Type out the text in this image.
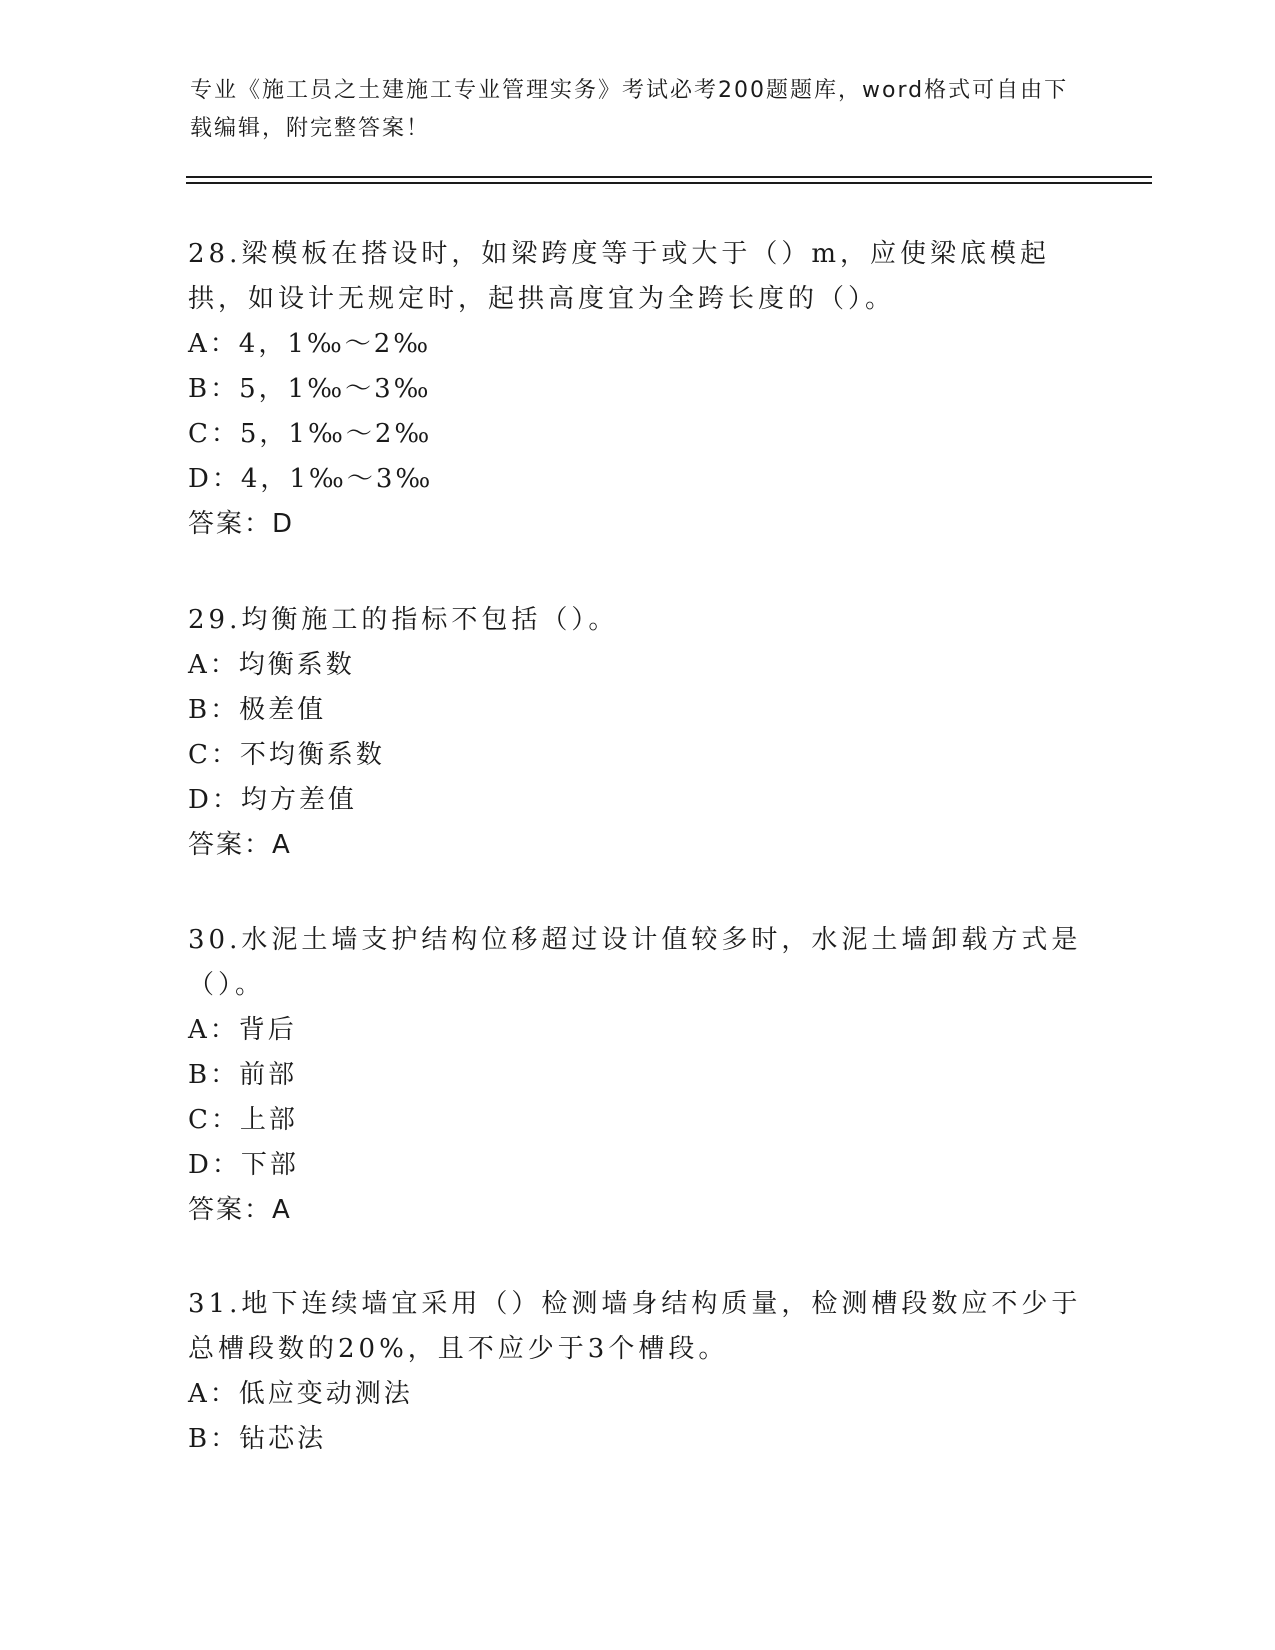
专业《施工员之土建施工专业管理实务》考试必考200题题库，word格式可自由下载编辑，附完整答案！

28.梁模板在搭设时，如梁跨度等于或大于（）m，应使梁底模起拱，如设计无规定时，起拱高度宜为全跨长度的（）。

A：4，1‰～2‰

B：5，1‰～3‰

C：5，1‰～2‰

D：4，1‰～3‰

答案：D

29.均衡施工的指标不包括（）。

A：均衡系数

B：极差值

C：不均衡系数

D：均方差值

答案：A

30.水泥土墙支护结构位移超过设计值较多时，水泥土墙卸载方式是（）。

A：背后

B：前部

C：上部

D：下部

答案：A

31.地下连续墙宜采用（）检测墙身结构质量，检测槽段数应不少于总槽段数的20%，且不应少于3个槽段。

A：低应变动测法

B：钻芯法
